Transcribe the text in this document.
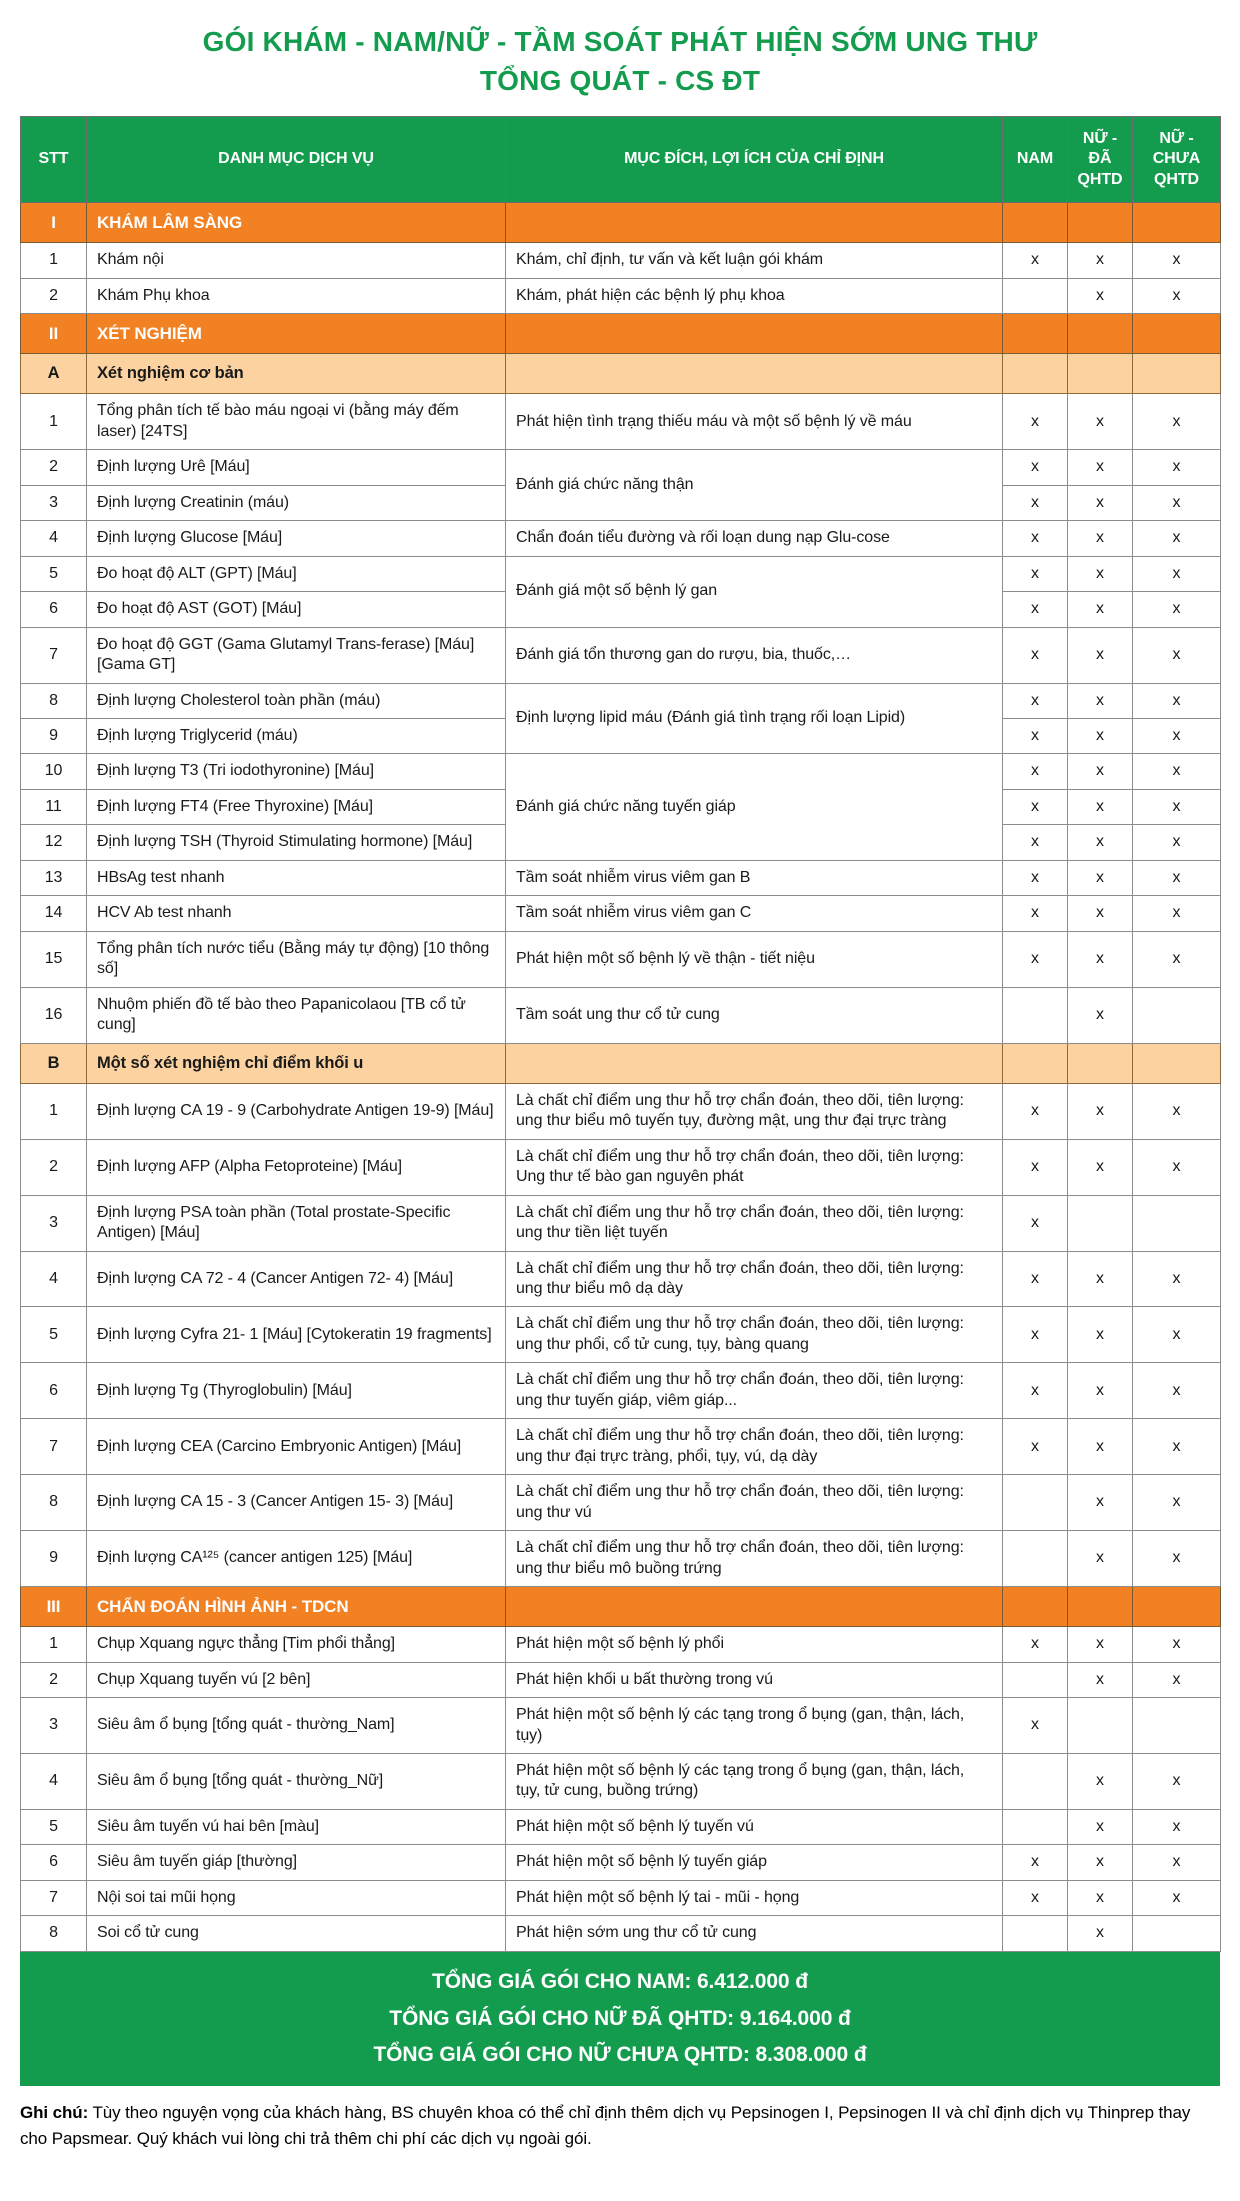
GÓI KHÁM - NAM/NỮ - TẦM SOÁT PHÁT HIỆN SỚM UNG THƯ
TỔNG QUÁT - CS ĐT
STT	DANH MỤC DỊCH VỤ	MỤC ĐÍCH, LỢI ÍCH CỦA CHỈ ĐỊNH	NAM	NỮ - ĐÃ QHTD	NỮ - CHƯA QHTD
I	KHÁM LÂM SÀNG				
1	Khám nội	Khám, chỉ định, tư vấn và kết luận gói khám	x	x	x
2	Khám Phụ khoa	Khám, phát hiện các bệnh lý phụ khoa		x	x
II	XÉT NGHIỆM				
A	Xét nghiệm cơ bản				
1	Tổng phân tích tế bào máu ngoại vi (bằng máy đếm laser) [24TS]	Phát hiện tình trạng thiếu máu và một số bệnh lý về máu	x	x	x
2	Định lượng Urê [Máu]	Đánh giá chức năng thận	x	x	x
3	Định lượng Creatinin (máu)		x	x	x
4	Định lượng Glucose [Máu]	Chẩn đoán tiểu đường và rối loạn dung nạp Glu-cose	x	x	x
5	Đo hoạt độ ALT (GPT) [Máu]	Đánh giá một số bệnh lý gan	x	x	x
6	Đo hoạt độ AST (GOT) [Máu]		x	x	x
7	Đo hoạt độ GGT (Gama Glutamyl Trans-ferase) [Máu] [Gama GT]	Đánh giá tổn thương gan do rượu, bia, thuốc,…	x	x	x
8	Định lượng Cholesterol toàn phần (máu)	Định lượng lipid máu (Đánh giá tình trạng rối loạn Lipid)	x	x	x
9	Định lượng Triglycerid (máu)		x	x	x
10	Định lượng T3 (Tri iodothyronine) [Máu]	Đánh giá chức năng tuyến giáp	x	x	x
11	Định lượng FT4 (Free Thyroxine) [Máu]		x	x	x
12	Định lượng TSH (Thyroid Stimulating hormone) [Máu]		x	x	x
13	HBsAg test nhanh	Tầm soát nhiễm virus viêm gan B	x	x	x
14	HCV Ab test nhanh	Tầm soát nhiễm virus viêm gan C	x	x	x
15	Tổng phân tích nước tiểu (Bằng máy tự động) [10 thông số]	Phát hiện một số bệnh lý về thận - tiết niệu	x	x	x
16	Nhuộm phiến đồ tế bào theo Papanicolaou [TB cổ tử cung]	Tầm soát ung thư cổ tử cung		x	
B	Một số xét nghiệm chỉ điểm khối u				
1	Định lượng CA 19 - 9 (Carbohydrate Antigen 19-9) [Máu]	Là chất chỉ điểm ung thư hỗ trợ chẩn đoán, theo dõi, tiên lượng: ung thư biểu mô tuyến tụy, đường mật, ung thư đại trực tràng	x	x	x
2	Định lượng AFP (Alpha Fetoproteine) [Máu]	Là chất chỉ điểm ung thư hỗ trợ chẩn đoán, theo dõi, tiên lượng: Ung thư tế bào gan nguyên phát	x	x	x
3	Định lượng PSA toàn phần (Total prostate-Specific Antigen) [Máu]	Là chất chỉ điểm ung thư hỗ trợ chẩn đoán, theo dõi, tiên lượng: ung thư tiền liệt tuyến	x		
4	Định lượng CA 72 - 4 (Cancer Antigen 72- 4) [Máu]	Là chất chỉ điểm ung thư hỗ trợ chẩn đoán, theo dõi, tiên lượng: ung thư biểu mô dạ dày	x	x	x
5	Định lượng Cyfra 21- 1 [Máu] [Cytokeratin 19 fragments]	Là chất chỉ điểm ung thư hỗ trợ chẩn đoán, theo dõi, tiên lượng: ung thư phổi, cổ tử cung, tụy, bàng quang	x	x	x
6	Định lượng Tg (Thyroglobulin) [Máu]	Là chất chỉ điểm ung thư hỗ trợ chẩn đoán, theo dõi, tiên lượng: ung thư tuyến giáp, viêm giáp...	x	x	x
7	Định lượng CEA (Carcino Embryonic Antigen) [Máu]	Là chất chỉ điểm ung thư hỗ trợ chẩn đoán, theo dõi, tiên lượng: ung thư đại trực tràng, phổi, tụy, vú, dạ dày	x	x	x
8	Định lượng CA 15 - 3 (Cancer Antigen 15- 3) [Máu]	Là chất chỉ điểm ung thư hỗ trợ chẩn đoán, theo dõi, tiên lượng: ung thư vú		x	x
9	Định lượng CA¹²⁵ (cancer antigen 125) [Máu]	Là chất chỉ điểm ung thư hỗ trợ chẩn đoán, theo dõi, tiên lượng: ung thư biểu mô buồng trứng		x	x
III	CHẨN ĐOÁN HÌNH ẢNH - TDCN				
1	Chụp Xquang ngực thẳng [Tim phổi thẳng]	Phát hiện một số bệnh lý phổi	x	x	x
2	Chụp Xquang tuyến vú [2 bên]	Phát hiện khối u bất thường trong vú		x	x
3	Siêu âm ổ bụng [tổng quát - thường_Nam]	Phát hiện một số bệnh lý các tạng trong ổ bụng (gan, thận, lách, tụy)	x		
4	Siêu âm ổ bụng [tổng quát - thường_Nữ]	Phát hiện một số bệnh lý các tạng trong ổ bụng (gan, thận, lách, tụy, tử cung, buồng trứng)		x	x
5	Siêu âm tuyến vú hai bên [màu]	Phát hiện một số bệnh lý tuyến vú		x	x
6	Siêu âm tuyến giáp [thường]	Phát hiện một số bệnh lý tuyến giáp	x	x	x
7	Nội soi tai mũi họng	Phát hiện một số bệnh lý tai - mũi - họng	x	x	x
8	Soi cổ tử cung	Phát hiện sớm ung thư cổ tử cung		x	
TỔNG GIÁ GÓI CHO NAM: 6.412.000 đ
TỔNG GIÁ GÓI CHO NỮ ĐÃ QHTD: 9.164.000 đ
TỔNG GIÁ GÓI CHO NỮ CHƯA QHTD: 8.308.000 đ

Ghi chú: Tùy theo nguyện vọng của khách hàng, BS chuyên khoa có thể chỉ định thêm dịch vụ Pepsinogen I, Pepsinogen II và chỉ định dịch vụ Thinprep thay cho Papsmear. Quý khách vui lòng chi trả thêm chi phí các dịch vụ ngoài gói.
